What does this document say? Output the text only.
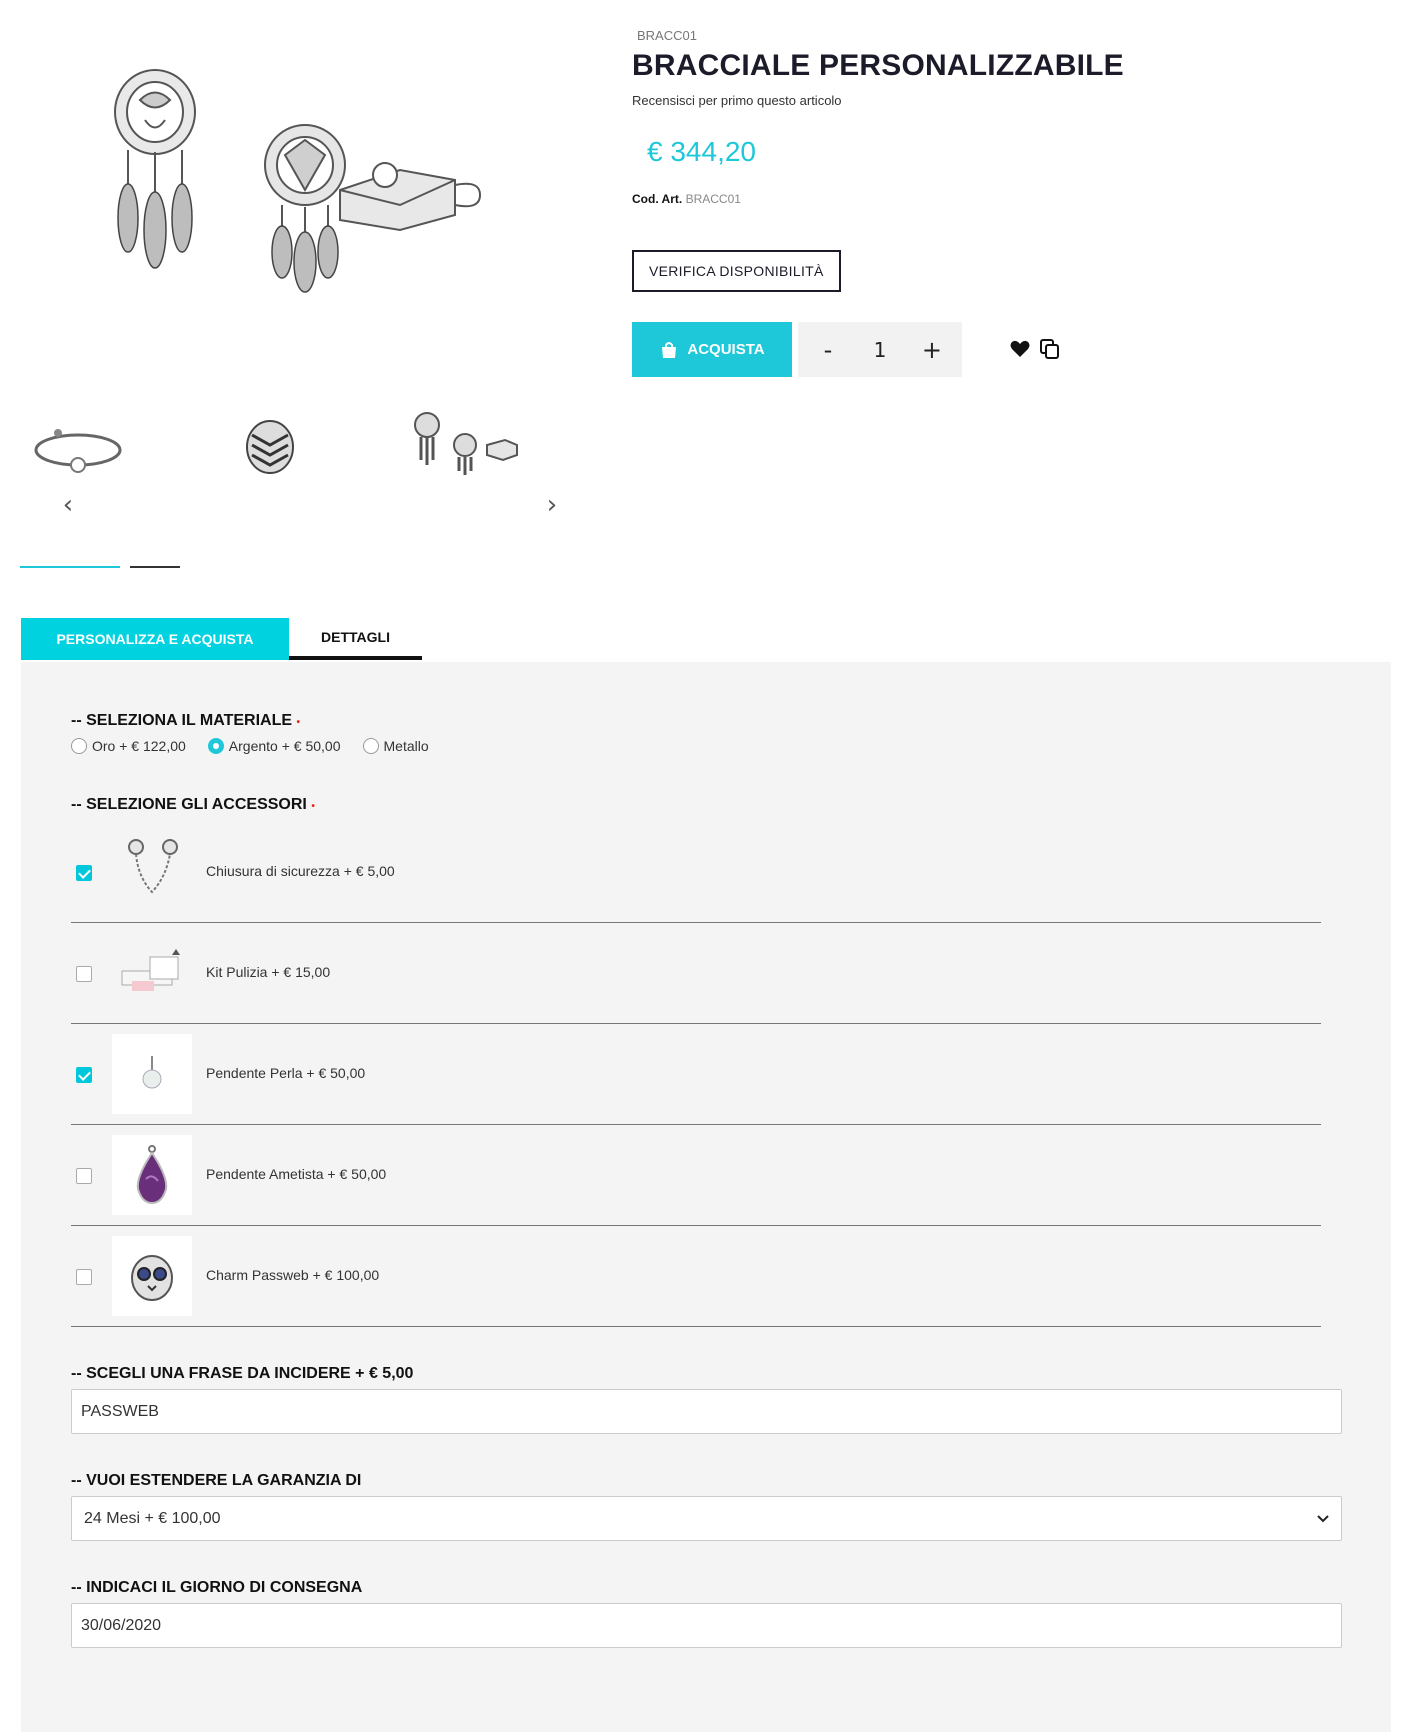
‹	›
BRACC01
BRACCIALE PERSONALIZZABILE
Recensisci per primo questo articolo
€ 344,20
Cod. Art. BRACC01
VERIFICA DISPONIBILITÀ
ACQUISTA	-	1	+
PERSONALIZZA E ACQUISTA	DETTAGLI
-- SELEZIONA IL MATERIALE •
Oro + € 122,00	Argento + € 50,00	Metallo
-- SELEZIONE GLI ACCESSORI •
Chiusura di sicurezza + € 5,00
Kit Pulizia + € 15,00
Pendente Perla + € 50,00
Pendente Ametista + € 50,00
Charm Passweb + € 100,00
-- SCEGLI UNA FRASE DA INCIDERE + € 5,00
PASSWEB
-- VUOI ESTENDERE LA GARANZIA DI
24 Mesi + € 100,00
-- INDICACI IL GIORNO DI CONSEGNA
30/06/2020
